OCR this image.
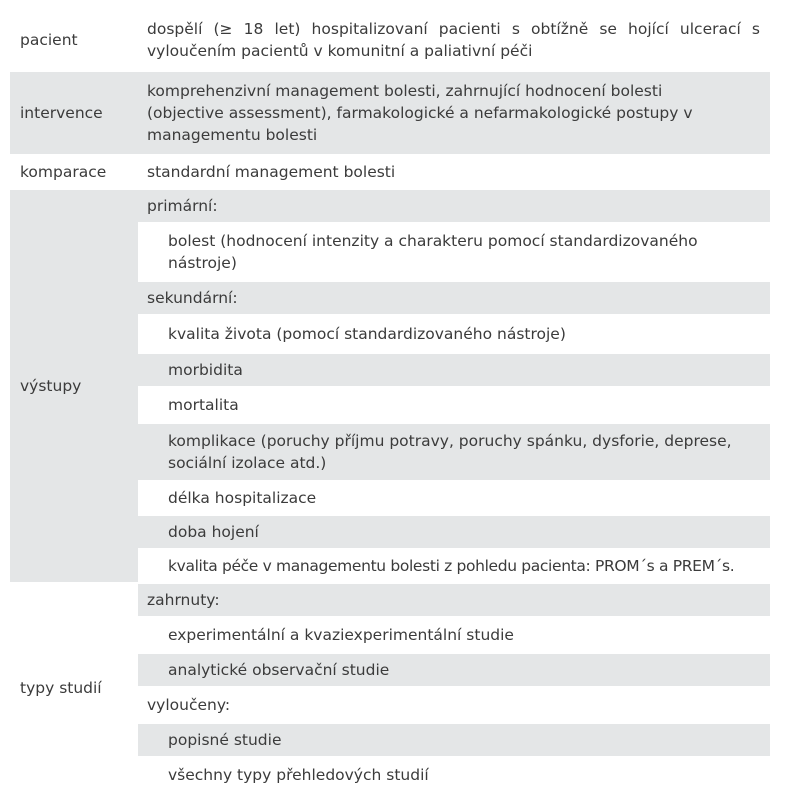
pacient
dospělí (≥ 18 let) hospitalizovaní pacienti s obtížně se hojící ulcerací s vyloučením pacientů v komunitní a paliativní péči
intervence
komprehenzivní management bolesti, zahrnující hodnocení bolesti (objective assessment), farmakologické a nefarmakologické postupy v managementu bolesti
komparace	standardní management bolesti
výstupy
primární:
bolest (hodnocení intenzity a charakteru pomocí standardizovaného nástroje)
sekundární:
kvalita života (pomocí standardizovaného nástroje)
morbidita
mortalita
komplikace (poruchy příjmu potravy, poruchy spánku, dysforie, deprese, sociální izolace atd.)
délka hospitalizace
doba hojení
kvalita péče v managementu bolesti z pohledu pacienta: PROM´s a PREM´s.
typy studií
zahrnuty:
experimentální a kvaziexperimentální studie
analytické observační studie
vyloučeny:
popisné studie
všechny typy přehledových studií
